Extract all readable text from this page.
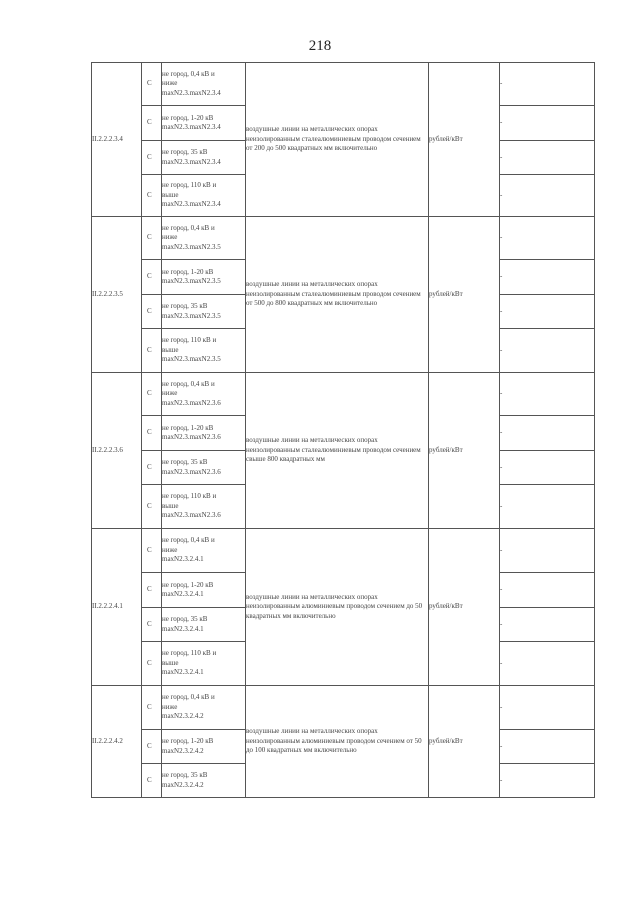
218
II.2.2.2.3.4	С	не город, 0,4 кВ и
ниже
maxN2.3.maxN2.3.4	воздушные линии на металлических опорах неизолированным сталеалюминиевым проводом сечением от 200 до 500 квадратных мм включительно	рублей/кВт	-

	С	не город, 1-20 кВ
maxN2.3.maxN2.3.4			-

	С	не город, 35 кВ
maxN2.3.maxN2.3.4			-

	С	не город, 110 кВ и
выше
maxN2.3.maxN2.3.4			-
II.2.2.2.3.5	С	не город, 0,4 кВ и
ниже
maxN2.3.maxN2.3.5	воздушные линии на металлических опорах неизолированным сталеалюминиевым проводом сечением от 500 до 800 квадратных мм включительно	рублей/кВт	-

	С	не город, 1-20 кВ
maxN2.3.maxN2.3.5			-

	С	не город, 35 кВ
maxN2.3.maxN2.3.5			-

	С	не город, 110 кВ и
выше
maxN2.3.maxN2.3.5			-
II.2.2.2.3.6	С	не город, 0,4 кВ и
ниже
maxN2.3.maxN2.3.6	воздушные линии на металлических опорах неизолированным сталеалюминиевым проводом сечением свыше 800 квадратных мм	рублей/кВт	-

	С	не город, 1-20 кВ
maxN2.3.maxN2.3.6			-

	С	не город, 35 кВ
maxN2.3.maxN2.3.6			-

	С	не город, 110 кВ и
выше
maxN2.3.maxN2.3.6			-
II.2.2.2.4.1	С	не город, 0,4 кВ и
ниже
maxN2.3.2.4.1	воздушные линии на металлических опорах неизолированным алюминиевым проводом сечением до 50 квадратных мм включительно	рублей/кВт	-

	С	не город, 1-20 кВ
maxN2.3.2.4.1			-

	С	не город, 35 кВ
maxN2.3.2.4.1			-

	С	не город, 110 кВ и
выше
maxN2.3.2.4.1			-
II.2.2.2.4.2	С	не город, 0,4 кВ и
ниже
maxN2.3.2.4.2	воздушные линии на металлических опорах неизолированным алюминиевым проводом сечением от 50 до 100 квадратных мм включительно	рублей/кВт	-

	С	не город, 1-20 кВ
maxN2.3.2.4.2			-

	С	не город, 35 кВ
maxN2.3.2.4.2			-
